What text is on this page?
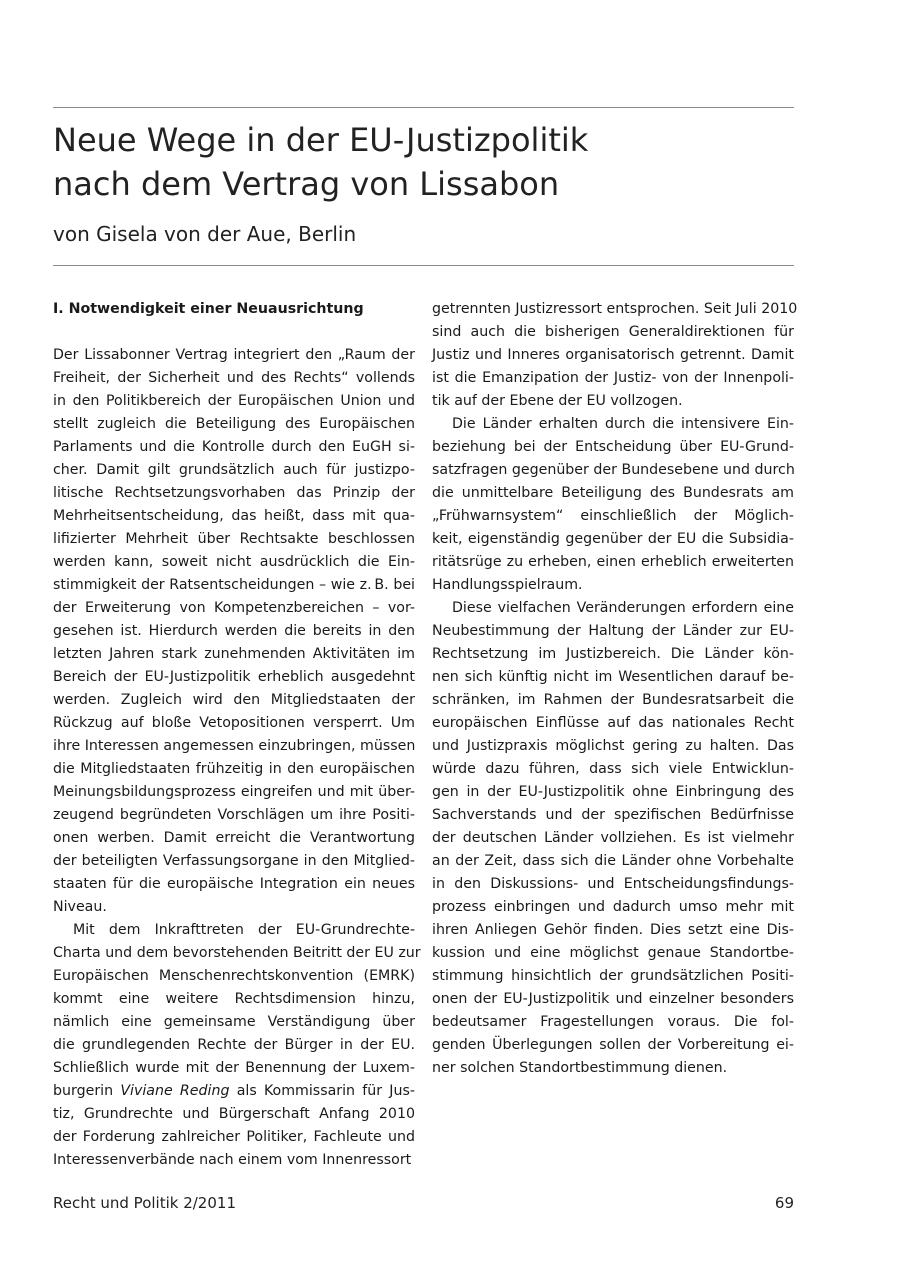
Neue Wege in der EU-Justizpolitik
nach dem Vertrag von Lissabon

von Gisela von der Aue, Berlin

I. Notwendigkeit einer Neuausrichtung
Der Lissabonner Vertrag integriert den „Raum der
Freiheit, der Sicherheit und des Rechts“ vollends
in den Politikbereich der Europäischen Union und
stellt zugleich die Beteiligung des Europäischen
Parlaments und die Kontrolle durch den EuGH si-
cher. Damit gilt grundsätzlich auch für justizpo-
litische Rechtsetzungsvorhaben das Prinzip der
Mehrheitsentscheidung, das heißt, dass mit qua-
lifizierter Mehrheit über Rechtsakte beschlossen
werden kann, soweit nicht ausdrücklich die Ein-
stimmigkeit der Ratsentscheidungen – wie z. B. bei
der Erweiterung von Kompetenzbereichen – vor-
gesehen ist. Hierdurch werden die bereits in den
letzten Jahren stark zunehmenden Aktivitäten im
Bereich der EU-Justizpolitik erheblich ausgedehnt
werden. Zugleich wird den Mitgliedstaaten der
Rückzug auf bloße Vetopositionen versperrt. Um
ihre Interessen angemessen einzubringen, müssen
die Mitgliedstaaten frühzeitig in den europäischen
Meinungsbildungsprozess eingreifen und mit über-
zeugend begründeten Vorschlägen um ihre Positi-
onen werben. Damit erreicht die Verantwortung
der beteiligten Verfassungsorgane in den Mitglied-
staaten für die europäische Integration ein neues
Niveau.
Mit dem Inkrafttreten der EU-Grundrechte-
Charta und dem bevorstehenden Beitritt der EU zur
Europäischen Menschenrechtskonvention (EMRK)
kommt eine weitere Rechtsdimension hinzu,
nämlich eine gemeinsame Verständigung über
die grundlegenden Rechte der Bürger in der EU.
Schließlich wurde mit der Benennung der Luxem-
burgerin Viviane Reding als Kommissarin für Jus-
tiz, Grundrechte und Bürgerschaft Anfang 2010
der Forderung zahlreicher Politiker, Fachleute und
Interessenverbände nach einem vom Innenressort
getrennten Justizressort entsprochen. Seit Juli 2010
sind auch die bisherigen Generaldirektionen für
Justiz und Inneres organisatorisch getrennt. Damit
ist die Emanzipation der Justiz- von der Innenpoli-
tik auf der Ebene der EU vollzogen.
Die Länder erhalten durch die intensivere Ein-
beziehung bei der Entscheidung über EU-Grund-
satzfragen gegenüber der Bundesebene und durch
die unmittelbare Beteiligung des Bundesrats am
„Frühwarnsystem“ einschließlich der Möglich-
keit, eigenständig gegenüber der EU die Subsidia-
ritätsrüge zu erheben, einen erheblich erweiterten
Handlungsspielraum.
Diese vielfachen Veränderungen erfordern eine
Neubestimmung der Haltung der Länder zur EU-
Rechtsetzung im Justizbereich. Die Länder kön-
nen sich künftig nicht im Wesentlichen darauf be-
schränken, im Rahmen der Bundesratsarbeit die
europäischen Einflüsse auf das nationales Recht
und Justizpraxis möglichst gering zu halten. Das
würde dazu führen, dass sich viele Entwicklun-
gen in der EU-Justizpolitik ohne Einbringung des
Sachverstands und der spezifischen Bedürfnisse
der deutschen Länder vollziehen. Es ist vielmehr
an der Zeit, dass sich die Länder ohne Vorbehalte
in den Diskussions- und Entscheidungsfindungs-
prozess einbringen und dadurch umso mehr mit
ihren Anliegen Gehör finden. Dies setzt eine Dis-
kussion und eine möglichst genaue Standortbe-
stimmung hinsichtlich der grundsätzlichen Positi-
onen der EU-Justizpolitik und einzelner besonders
bedeutsamer Fragestellungen voraus. Die fol-
genden Überlegungen sollen der Vorbereitung ei-
ner solchen Standortbestimmung dienen.
Recht und Politik 2/2011	69
